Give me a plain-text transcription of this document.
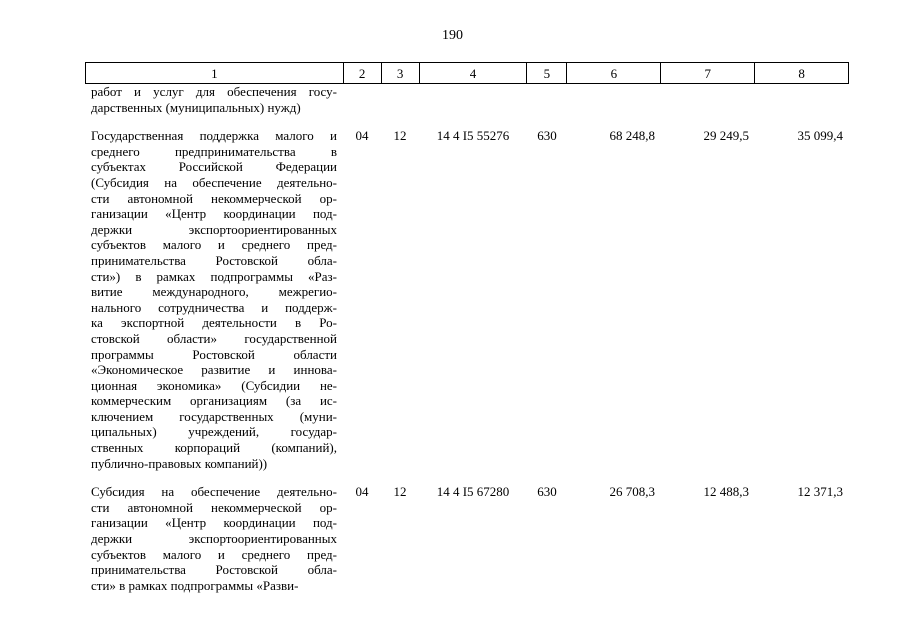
190
1	2	3	4	5	6	7	8
работ и услуг для обеспечения госу-
дарственных (муниципальных) нужд)
Государственная поддержка малого и
среднего предпринимательства в
субъектах Российской Федерации
(Субсидия на обеспечение деятельно-
сти автономной некоммерческой ор-
ганизации «Центр координации под-
держки экспортоориентированных
субъектов малого и среднего пред-
принимательства Ростовской обла-
сти») в рамках подпрограммы «Раз-
витие международного, межрегио-
нального сотрудничества и поддерж-
ка экспортной деятельности в Ро-
стовской области» государственной
программы Ростовской области
«Экономическое развитие и иннова-
ционная экономика» (Субсидии не-
коммерческим организациям (за ис-
ключением государственных (муни-
ципальных) учреждений, государ-
ственных корпораций (компаний),
публично-правовых компаний))
04	12	14 4 I5 55276	630	68 248,8	29 249,5	35 099,4
Субсидия на обеспечение деятельно-
сти автономной некоммерческой ор-
ганизации «Центр координации под-
держки экспортоориентированных
субъектов малого и среднего пред-
принимательства Ростовской обла-
сти» в рамках подпрограммы «Разви-
04	12	14 4 I5 67280	630	26 708,3	12 488,3	12 371,3
